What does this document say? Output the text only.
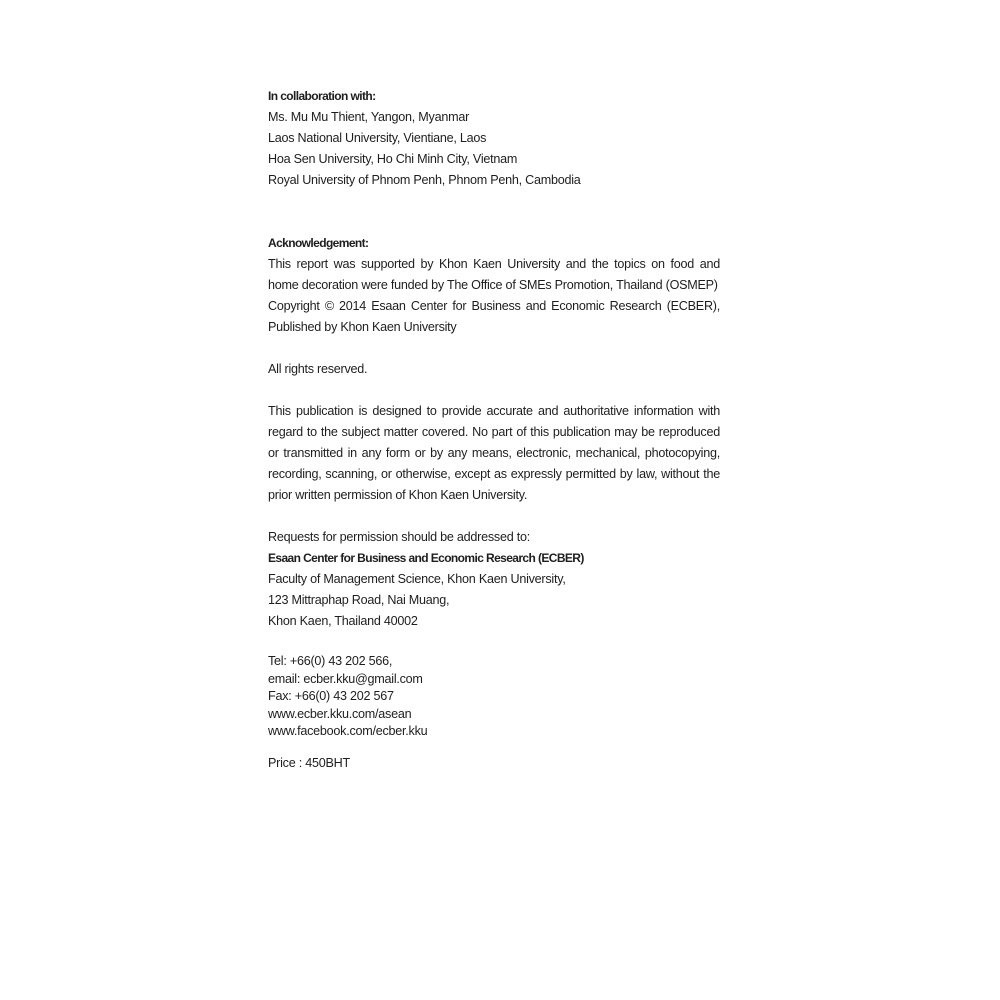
In collaboration with:
Ms. Mu Mu Thient, Yangon, Myanmar
Laos National University, Vientiane, Laos
Hoa Sen University, Ho Chi Minh City, Vietnam
Royal University of Phnom Penh, Phnom Penh, Cambodia
Acknowledgement:
This report was supported by Khon Kaen University and the topics on food and home decoration were funded by The Office of SMEs Promotion, Thailand (OSMEP)
Copyright © 2014 Esaan Center for Business and Economic Research (ECBER), Published by Khon Kaen University
All rights reserved.
This publication is designed to provide accurate and authoritative information with regard to the subject matter covered. No part of this publication may be reproduced or transmitted in any form or by any means, electronic, mechanical, photocopying, recording, scanning, or otherwise, except as expressly permitted by law, without the prior written permission of Khon Kaen University.
Requests for permission should be addressed to:
Esaan Center for Business and Economic Research (ECBER)
Faculty of Management Science, Khon Kaen University,
123 Mittraphap Road, Nai Muang,
Khon Kaen, Thailand 40002
Tel: +66(0) 43 202 566,
email: ecber.kku@gmail.com
Fax: +66(0) 43 202 567
www.ecber.kku.com/asean
www.facebook.com/ecber.kku
Price : 450BHT
